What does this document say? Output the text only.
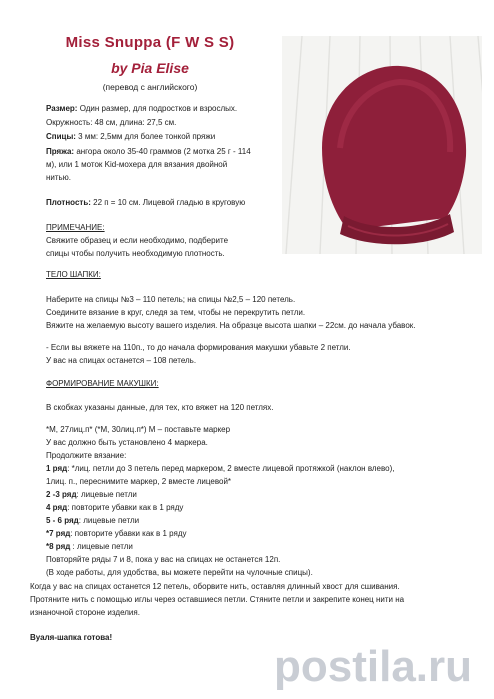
Miss Snuppa (F W S S)
by Pia Elise
(перевод с английского)
Размер: Один размер, для подростков и взрослых.
Окружность: 48 см, длина: 27,5 см.
Спицы: 3 мм: 2,5мм для более тонкой пряжи
Пряжа: ангора около 35-40 граммов (2 мотка 25 г - 114
м), или 1 моток Kid-мохера для вязания двойной
нитью.
Плотность: 22 п = 10 см. Лицевой гладью в круговую
ПРИМЕЧАНИЕ:
Свяжите образец и если необходимо, подберите
спицы чтобы получить необходимую плотность.
ТЕЛО ШАПКИ:
Наберите на спицы №3 – 110 петель; на спицы №2,5 – 120 петель.
Соедините вязание в круг, следя за тем, чтобы не перекрутить петли.
Вяжите на желаемую высоту вашего изделия. На образце высота шапки – 22см. до начала убавок.
- Если вы вяжете на 110п., то до начала формирования макушки убавьте 2 петли.
У вас на спицах останется – 108 петель.
ФОРМИРОВАНИЕ МАКУШКИ:
В скобках указаны данные, для тех, кто вяжет на 120 петлях.
*М, 27лиц.п* (*М, 30лиц.п*) М – поставьте маркер
У вас должно быть установлено 4 маркера.
Продолжите вязание:
1 ряд: *лиц. петли до 3 петель перед маркером, 2 вместе лицевой протяжкой (наклон влево),
1лиц. п., переснимите маркер, 2 вместе лицевой*
2 -3 ряд: лицевые петли
4 ряд: повторите убавки как в 1 ряду
5 - 6 ряд: лицевые петли
*7 ряд: повторите убавки как в 1 ряду
*8 ряд : лицевые петли
Повторяйте ряды 7 и 8, пока у вас на спицах не останется 12п.
(В ходе работы, для удобства, вы можете перейти на чулочные спицы).
Когда у вас на спицах останется 12 петель, оборвите нить, оставляя длинный хвост для сшивания.
Протяните нить с помощью иглы через оставшиеся петли. Стяните петли и закрепите конец нити на
изнаночной стороне изделия.
Вуаля-шапка готова!
postila.ru
